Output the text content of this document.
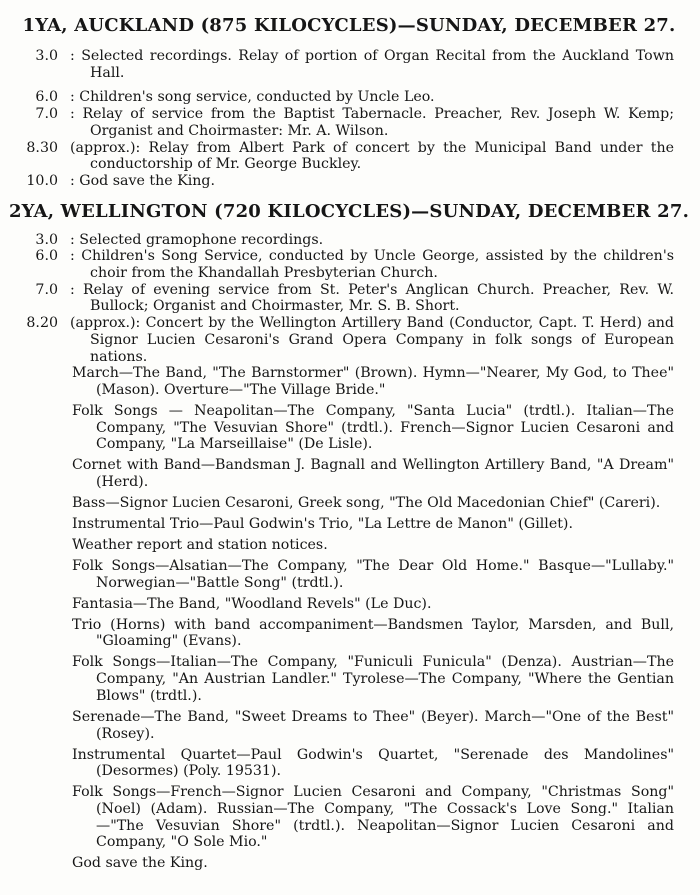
1YA, AUCKLAND (875 KILOCYCLES)—SUNDAY, DECEMBER 27.
3.0 : Selected recordings. Relay of portion of Organ Recital from the Auckland Town Hall.
6.0 : Children's song service, conducted by Uncle Leo.
7.0 : Relay of service from the Baptist Tabernacle. Preacher, Rev. Joseph W. Kemp; Organist and Choirmaster: Mr. A. Wilson.
8.30 (approx.): Relay from Albert Park of concert by the Municipal Band under the conductorship of Mr. George Buckley.
10.0 : God save the King.
2YA, WELLINGTON (720 KILOCYCLES)—SUNDAY, DECEMBER 27.
3.0 : Selected gramophone recordings.
6.0 : Children's Song Service, conducted by Uncle George, assisted by the children's choir from the Khandallah Presbyterian Church.
7.0 : Relay of evening service from St. Peter's Anglican Church. Preacher, Rev. W. Bullock; Organist and Choirmaster, Mr. S. B. Short.
8.20 (approx.): Concert by the Wellington Artillery Band (Conductor, Capt. T. Herd) and Signor Lucien Cesaroni's Grand Opera Company in folk songs of European nations.
March—The Band, "The Barnstormer" (Brown). Hymn—"Nearer, My God, to Thee" (Mason). Overture—"The Village Bride."
Folk Songs — Neapolitan—The Company, "Santa Lucia" (trdtl.). Italian—The Company, "The Vesuvian Shore" (trdtl.). French—Signor Lucien Cesaroni and Company, "La Marseillaise" (De Lisle).
Cornet with Band—Bandsman J. Bagnall and Wellington Artillery Band, "A Dream" (Herd).
Bass—Signor Lucien Cesaroni, Greek song, "The Old Macedonian Chief" (Careri).
Instrumental Trio—Paul Godwin's Trio, "La Lettre de Manon" (Gillet).
Weather report and station notices.
Folk Songs—Alsatian—The Company, "The Dear Old Home." Basque—"Lullaby." Norwegian—"Battle Song" (trdtl.).
Fantasia—The Band, "Woodland Revels" (Le Duc).
Trio (Horns) with band accompaniment—Bandsmen Taylor, Marsden, and Bull, "Gloaming" (Evans).
Folk Songs—Italian—The Company, "Funiculi Funicula" (Denza). Austrian—The Company, "An Austrian Landler." Tyrolese—The Company, "Where the Gentian Blows" (trdtl.).
Serenade—The Band, "Sweet Dreams to Thee" (Beyer). March—"One of the Best" (Rosey).
Instrumental Quartet—Paul Godwin's Quartet, "Serenade des Mandolines" (Desormes) (Poly. 19531).
Folk Songs—French—Signor Lucien Cesaroni and Company, "Christmas Song" (Noel) (Adam). Russian—The Company, "The Cossack's Love Song." Italian—"The Vesuvian Shore" (trdtl.). Neapolitan—Signor Lucien Cesaroni and Company, "O Sole Mio."
God save the King.
